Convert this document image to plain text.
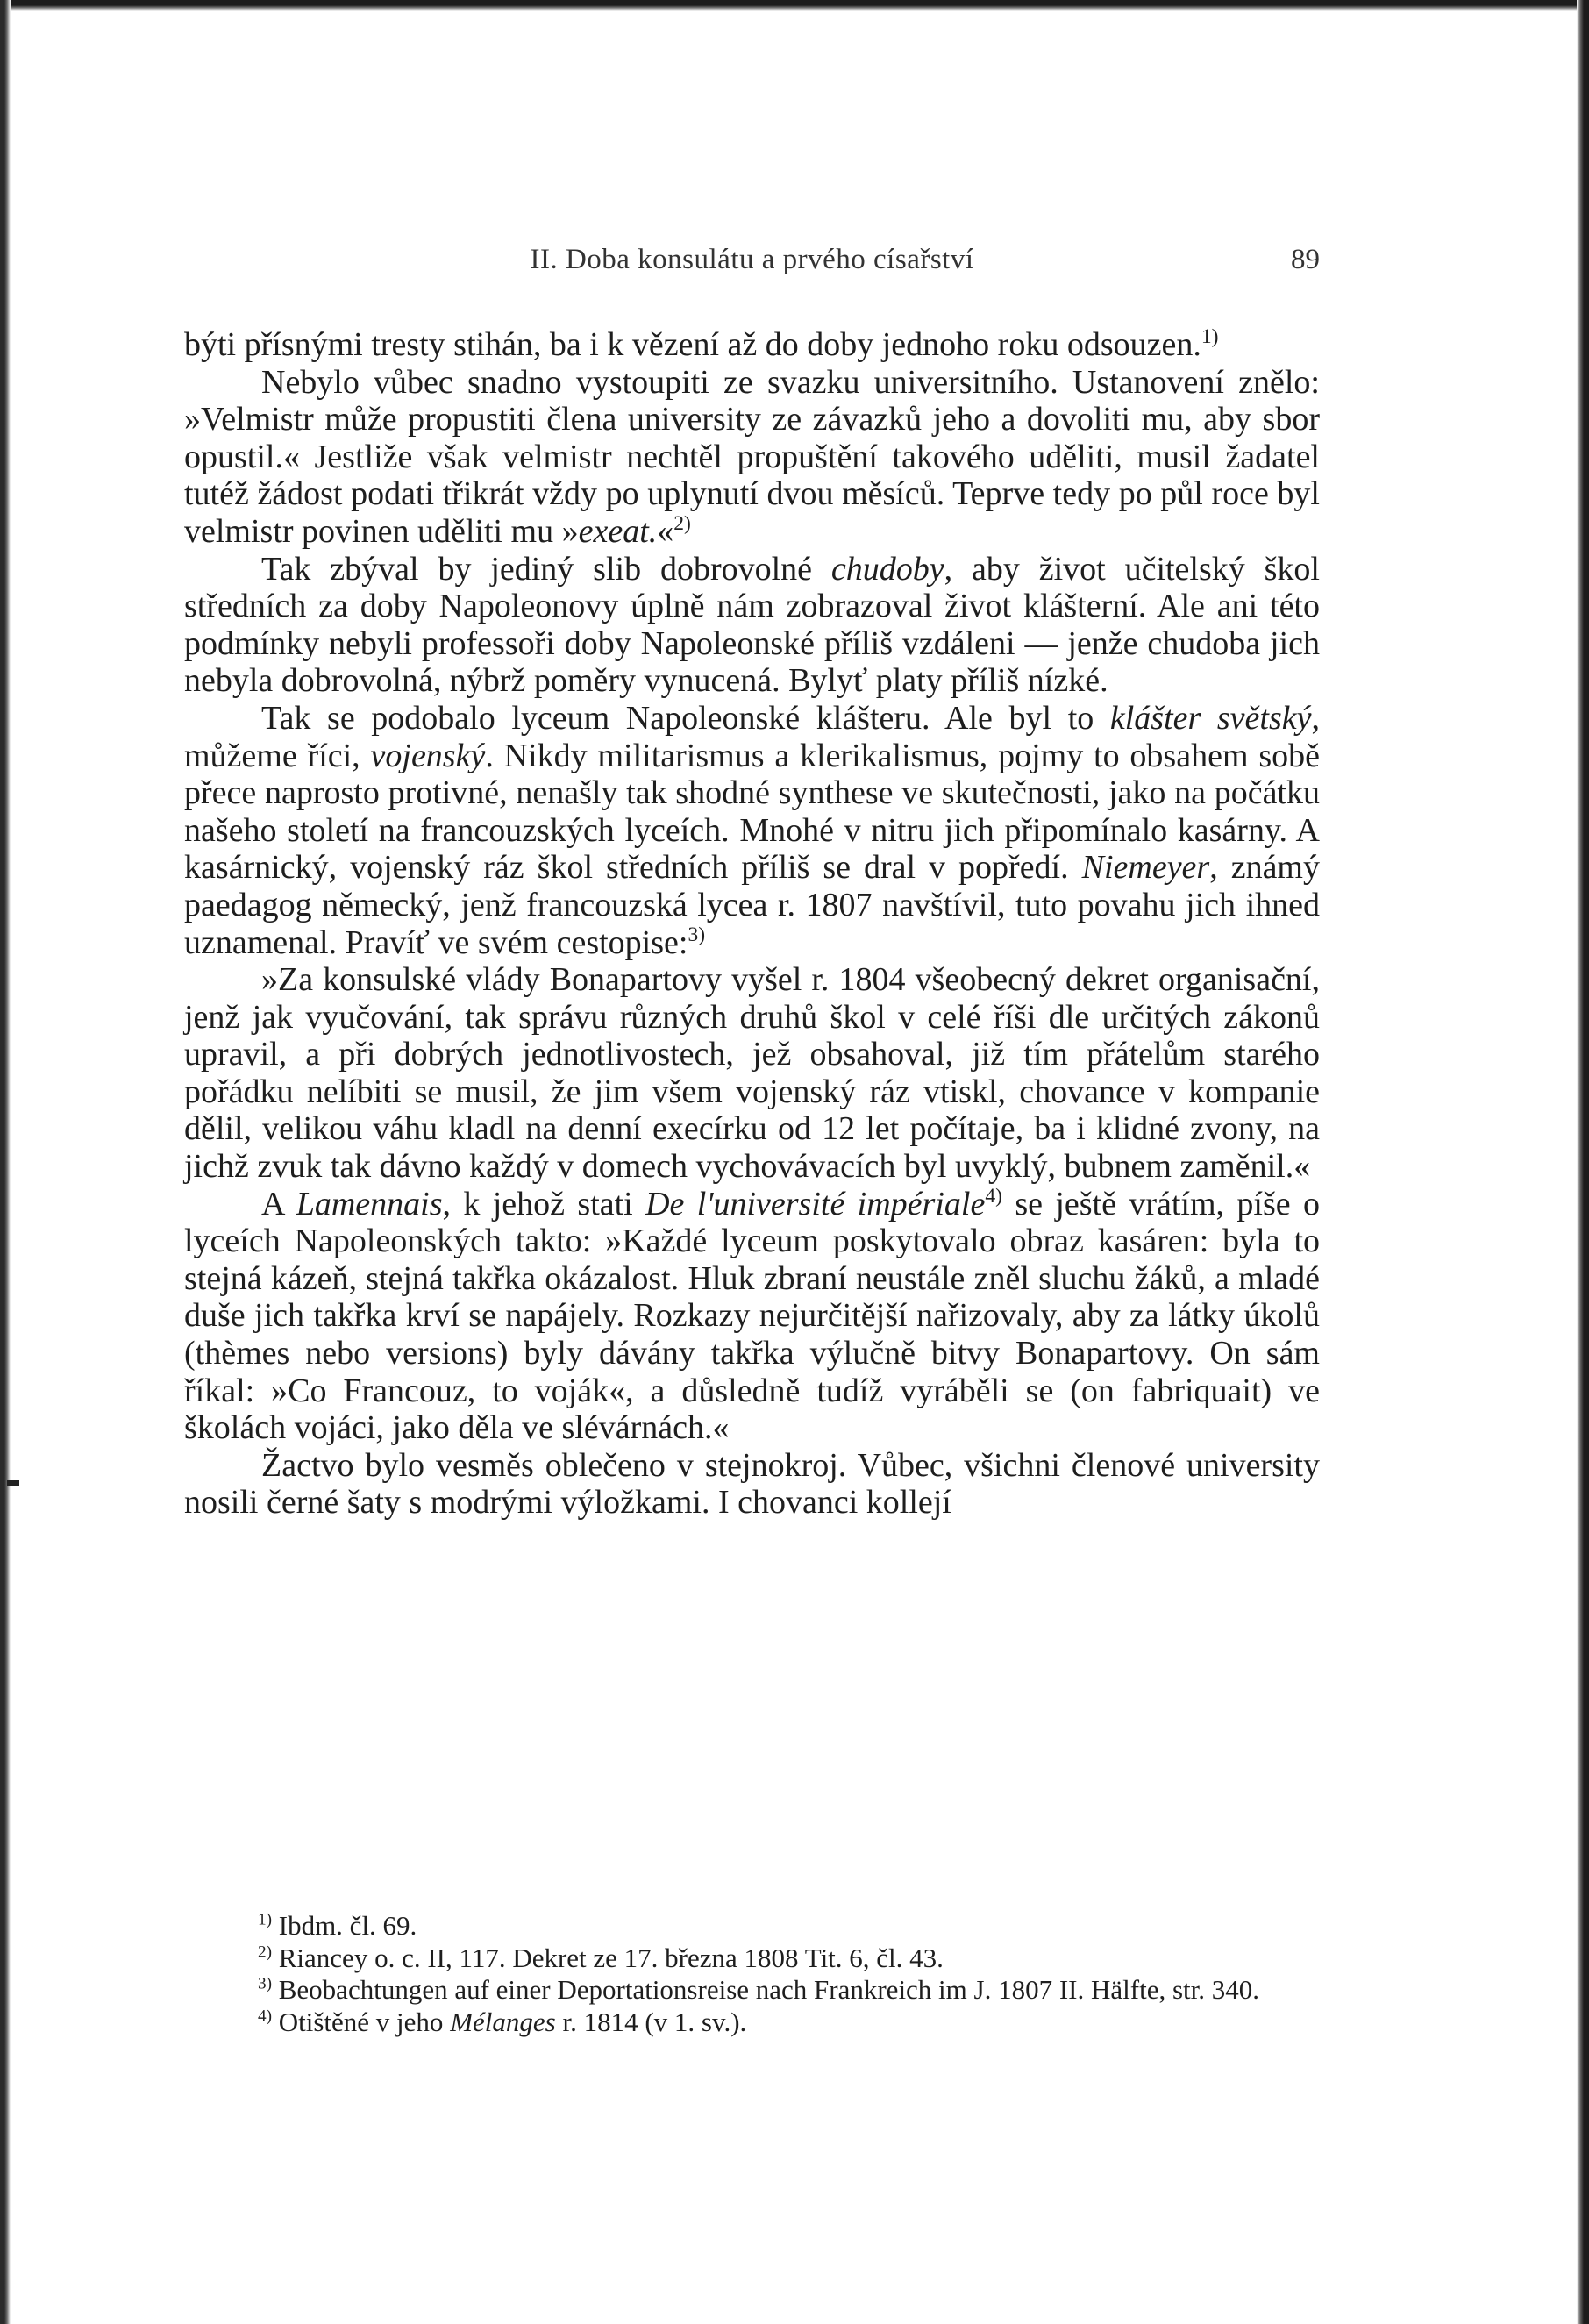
II. Doba konsulátu a prvého císařství	89

býti přísnými tresty stihán, ba i k vězení až do doby jednoho roku odsouzen.$^{1)}$

Nebylo vůbec snadno vystoupiti ze svazku universitního. Ustanovení znělo: »Velmistr může propustiti člena university ze závazků jeho a dovoliti mu, aby sbor opustil.« Jestliže však velmistr nechtěl propuštění takového uděliti, musil žadatel tutéž žádost podati třikrát vždy po uplynutí dvou měsíců. Teprve tedy po půl roce byl velmistr povinen uděliti mu »exeat.«$^{2)}$

Tak zbýval by jediný slib dobrovolné chudoby, aby život učitelský škol středních za doby Napoleonovy úplně nám zobrazoval život klášterní. Ale ani této podmínky nebyli professoři doby Napoleonské příliš vzdáleni — jenže chudoba jich nebyla dobrovolná, nýbrž poměry vynucená. Bylyť platy příliš nízké.

Tak se podobalo lyceum Napoleonské klášteru. Ale byl to klášter světský, můžeme říci, vojenský. Nikdy militarismus a klerikalismus, pojmy to obsahem sobě přece naprosto protivné, nenašly tak shodné synthese ve skutečnosti, jako na počátku našeho století na francouzských lyceích. Mnohé v nitru jich připomínalo kasárny. A kasárnický, vojenský ráz škol středních příliš se dral v popředí. Niemeyer, známý paedagog německý, jenž francouzská lycea r. 1807 navštívil, tuto povahu jich ihned uznamenal. Pravíť ve svém cestopise:$^{3)}$

»Za konsulské vlády Bonapartovy vyšel r. 1804 všeobecný dekret organisační, jenž jak vyučování, tak správu různých druhů škol v celé říši dle určitých zákonů upravil, a při dobrých jednotlivostech, jež obsahoval, již tím přátelům starého pořádku nelíbiti se musil, že jim všem vojenský ráz vtiskl, chovance v kompanie dělil, velikou váhu kladl na denní execírku od 12 let počítaje, ba i klidné zvony, na jichž zvuk tak dávno každý v domech vychovávacích byl uvyklý, bubnem zaměnil.«

A Lamennais, k jehož stati De l'université impériale$^{4)}$ se ještě vrátím, píše o lyceích Napoleonských takto: »Každé lyceum poskytovalo obraz kasáren: byla to stejná kázeň, stejná takřka okázalost. Hluk zbraní neustále zněl sluchu žáků, a mladé duše jich takřka krví se napájely. Rozkazy nejurčitější nařizovaly, aby za látky úkolů (thèmes nebo versions) byly dávány takřka výlučně bitvy Bonapartovy. On sám říkal: »Co Francouz, to voják«, a důsledně tudíž vyráběli se (on fabriquait) ve školách vojáci, jako děla ve slévárnách.«

Žactvo bylo vesměs oblečeno v stejnokroj. Vůbec, všichni členové university nosili černé šaty s modrými výložkami. I chovanci kollejí

$^{1)}$ Ibdm. čl. 69.

$^{2)}$ Riancey o. c. II, 117. Dekret ze 17. března 1808 Tit. 6, čl. 43.

$^{3)}$ Beobachtungen auf einer Deportationsreise nach Frankreich im J. 1807 II. Hälfte, str. 340.

$^{4)}$ Otištěné v jeho Mélanges r. 1814 (v 1. sv.).
